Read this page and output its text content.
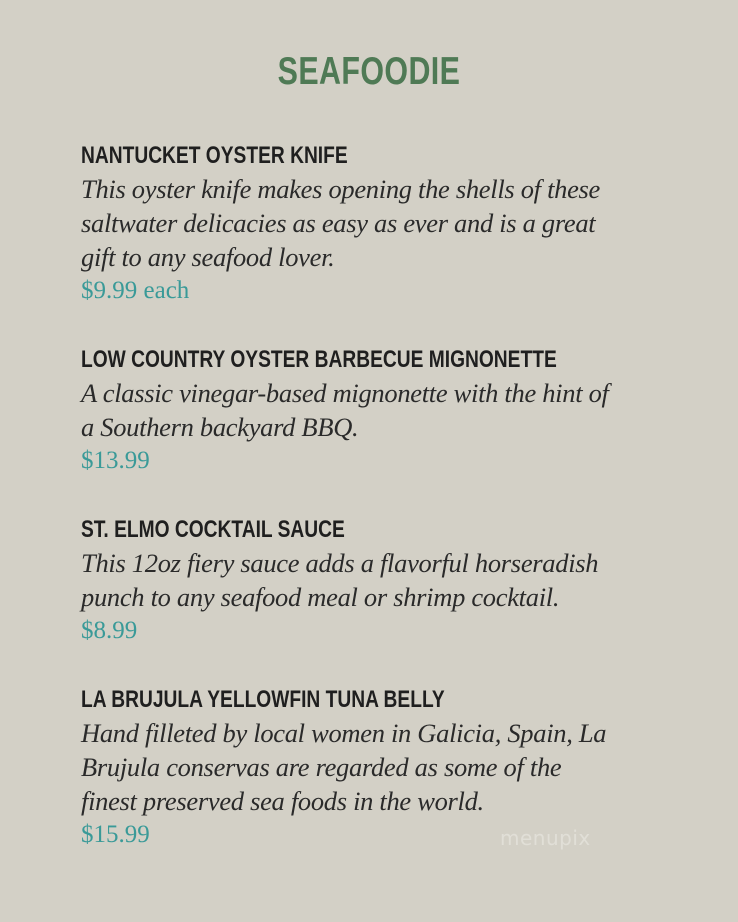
SEAFOODIE
NANTUCKET OYSTER KNIFE
This oyster knife makes opening the shells of these
saltwater delicacies as easy as ever and is a great
gift to any seafood lover.
$9.99 each
LOW COUNTRY OYSTER BARBECUE MIGNONETTE
A classic vinegar-based mignonette with the hint of
a Southern backyard BBQ.
$13.99
ST. ELMO COCKTAIL SAUCE
This 12oz fiery sauce adds a flavorful horseradish
punch to any seafood meal or shrimp cocktail.
$8.99
LA BRUJULA YELLOWFIN TUNA BELLY
Hand filleted by local women in Galicia, Spain, La
Brujula conservas are regarded as some of the
finest preserved sea foods in the world.
$15.99	menupix
